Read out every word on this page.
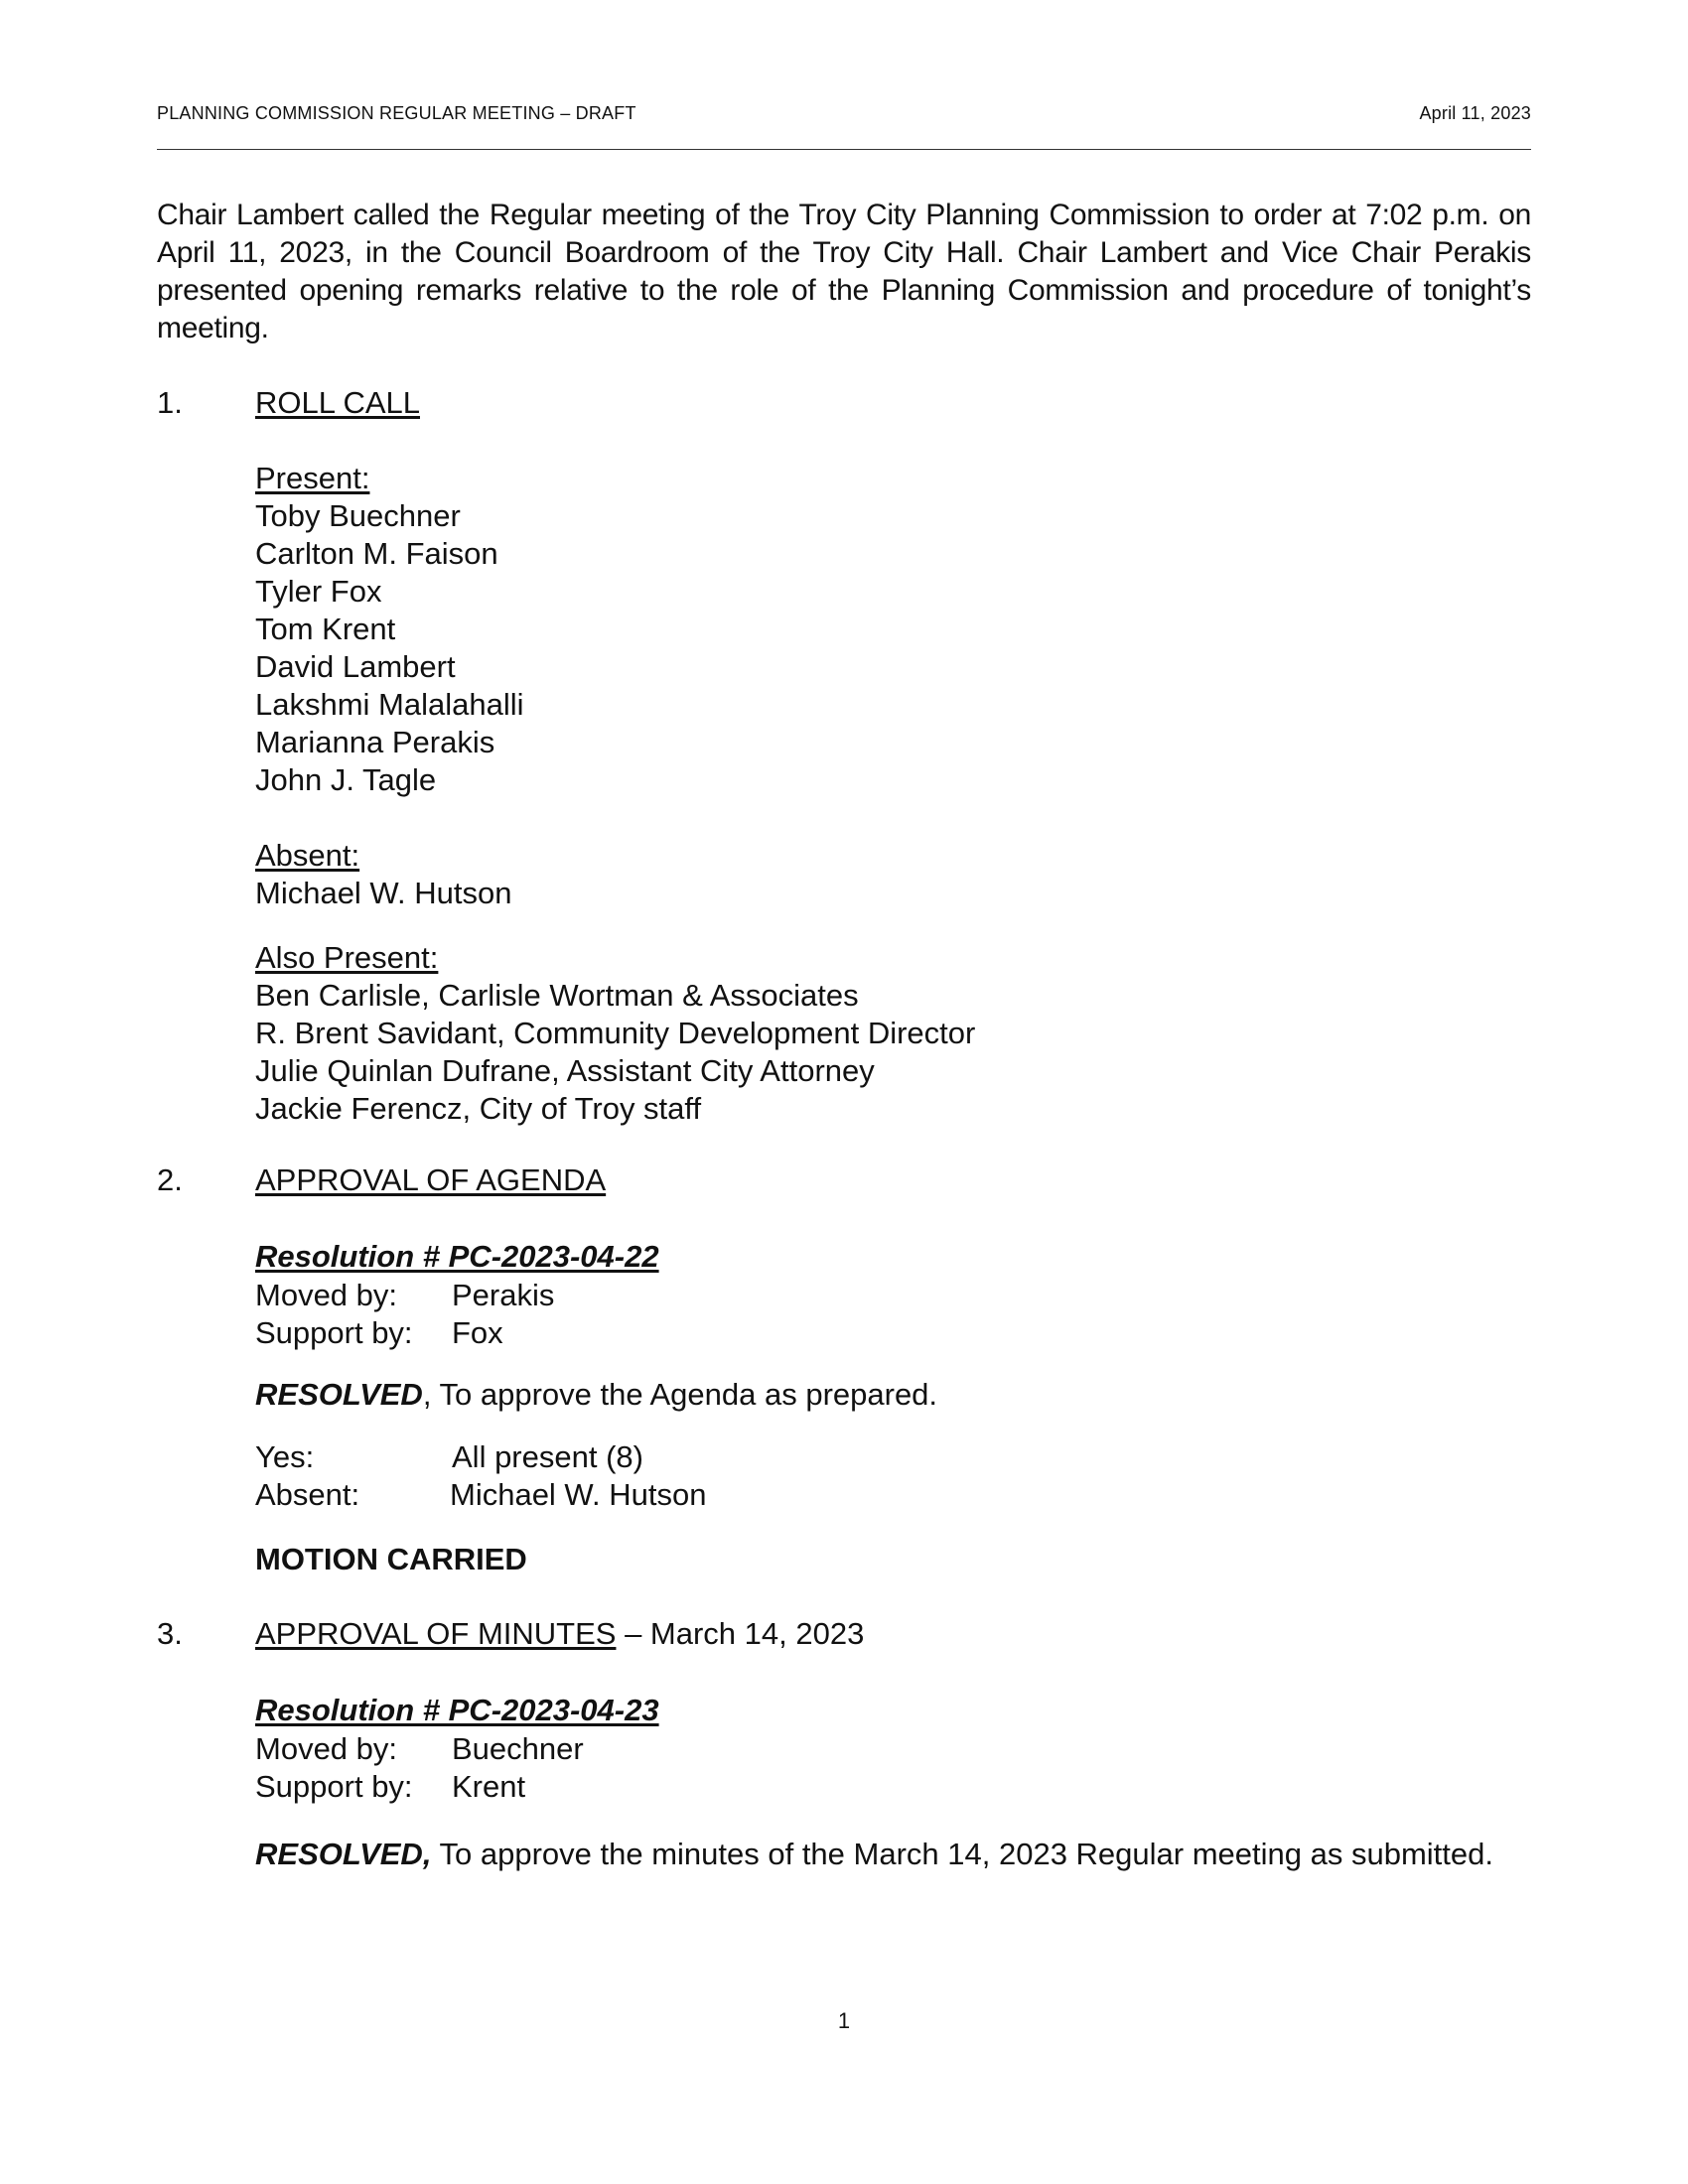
PLANNING COMMISSION REGULAR MEETING – DRAFT	April 11, 2023
Chair Lambert called the Regular meeting of the Troy City Planning Commission to order at 7:02 p.m. on April 11, 2023, in the Council Boardroom of the Troy City Hall. Chair Lambert and Vice Chair Perakis presented opening remarks relative to the role of the Planning Commission and procedure of tonight’s meeting.
1. ROLL CALL
Present:
Toby Buechner
Carlton M. Faison
Tyler Fox
Tom Krent
David Lambert
Lakshmi Malalahalli
Marianna Perakis
John J. Tagle
Absent:
Michael W. Hutson
Also Present:
Ben Carlisle, Carlisle Wortman & Associates
R. Brent Savidant, Community Development Director
Julie Quinlan Dufrane, Assistant City Attorney
Jackie Ferencz, City of Troy staff
2. APPROVAL OF AGENDA
Resolution # PC-2023-04-22
Moved by:	Perakis
Support by:	Fox
RESOLVED, To approve the Agenda as prepared.
Yes:	All present (8)
Absent:	Michael W. Hutson
MOTION CARRIED
3. APPROVAL OF MINUTES – March 14, 2023
Resolution # PC-2023-04-23
Moved by:	Buechner
Support by:	Krent
RESOLVED, To approve the minutes of the March 14, 2023 Regular meeting as submitted.
1
